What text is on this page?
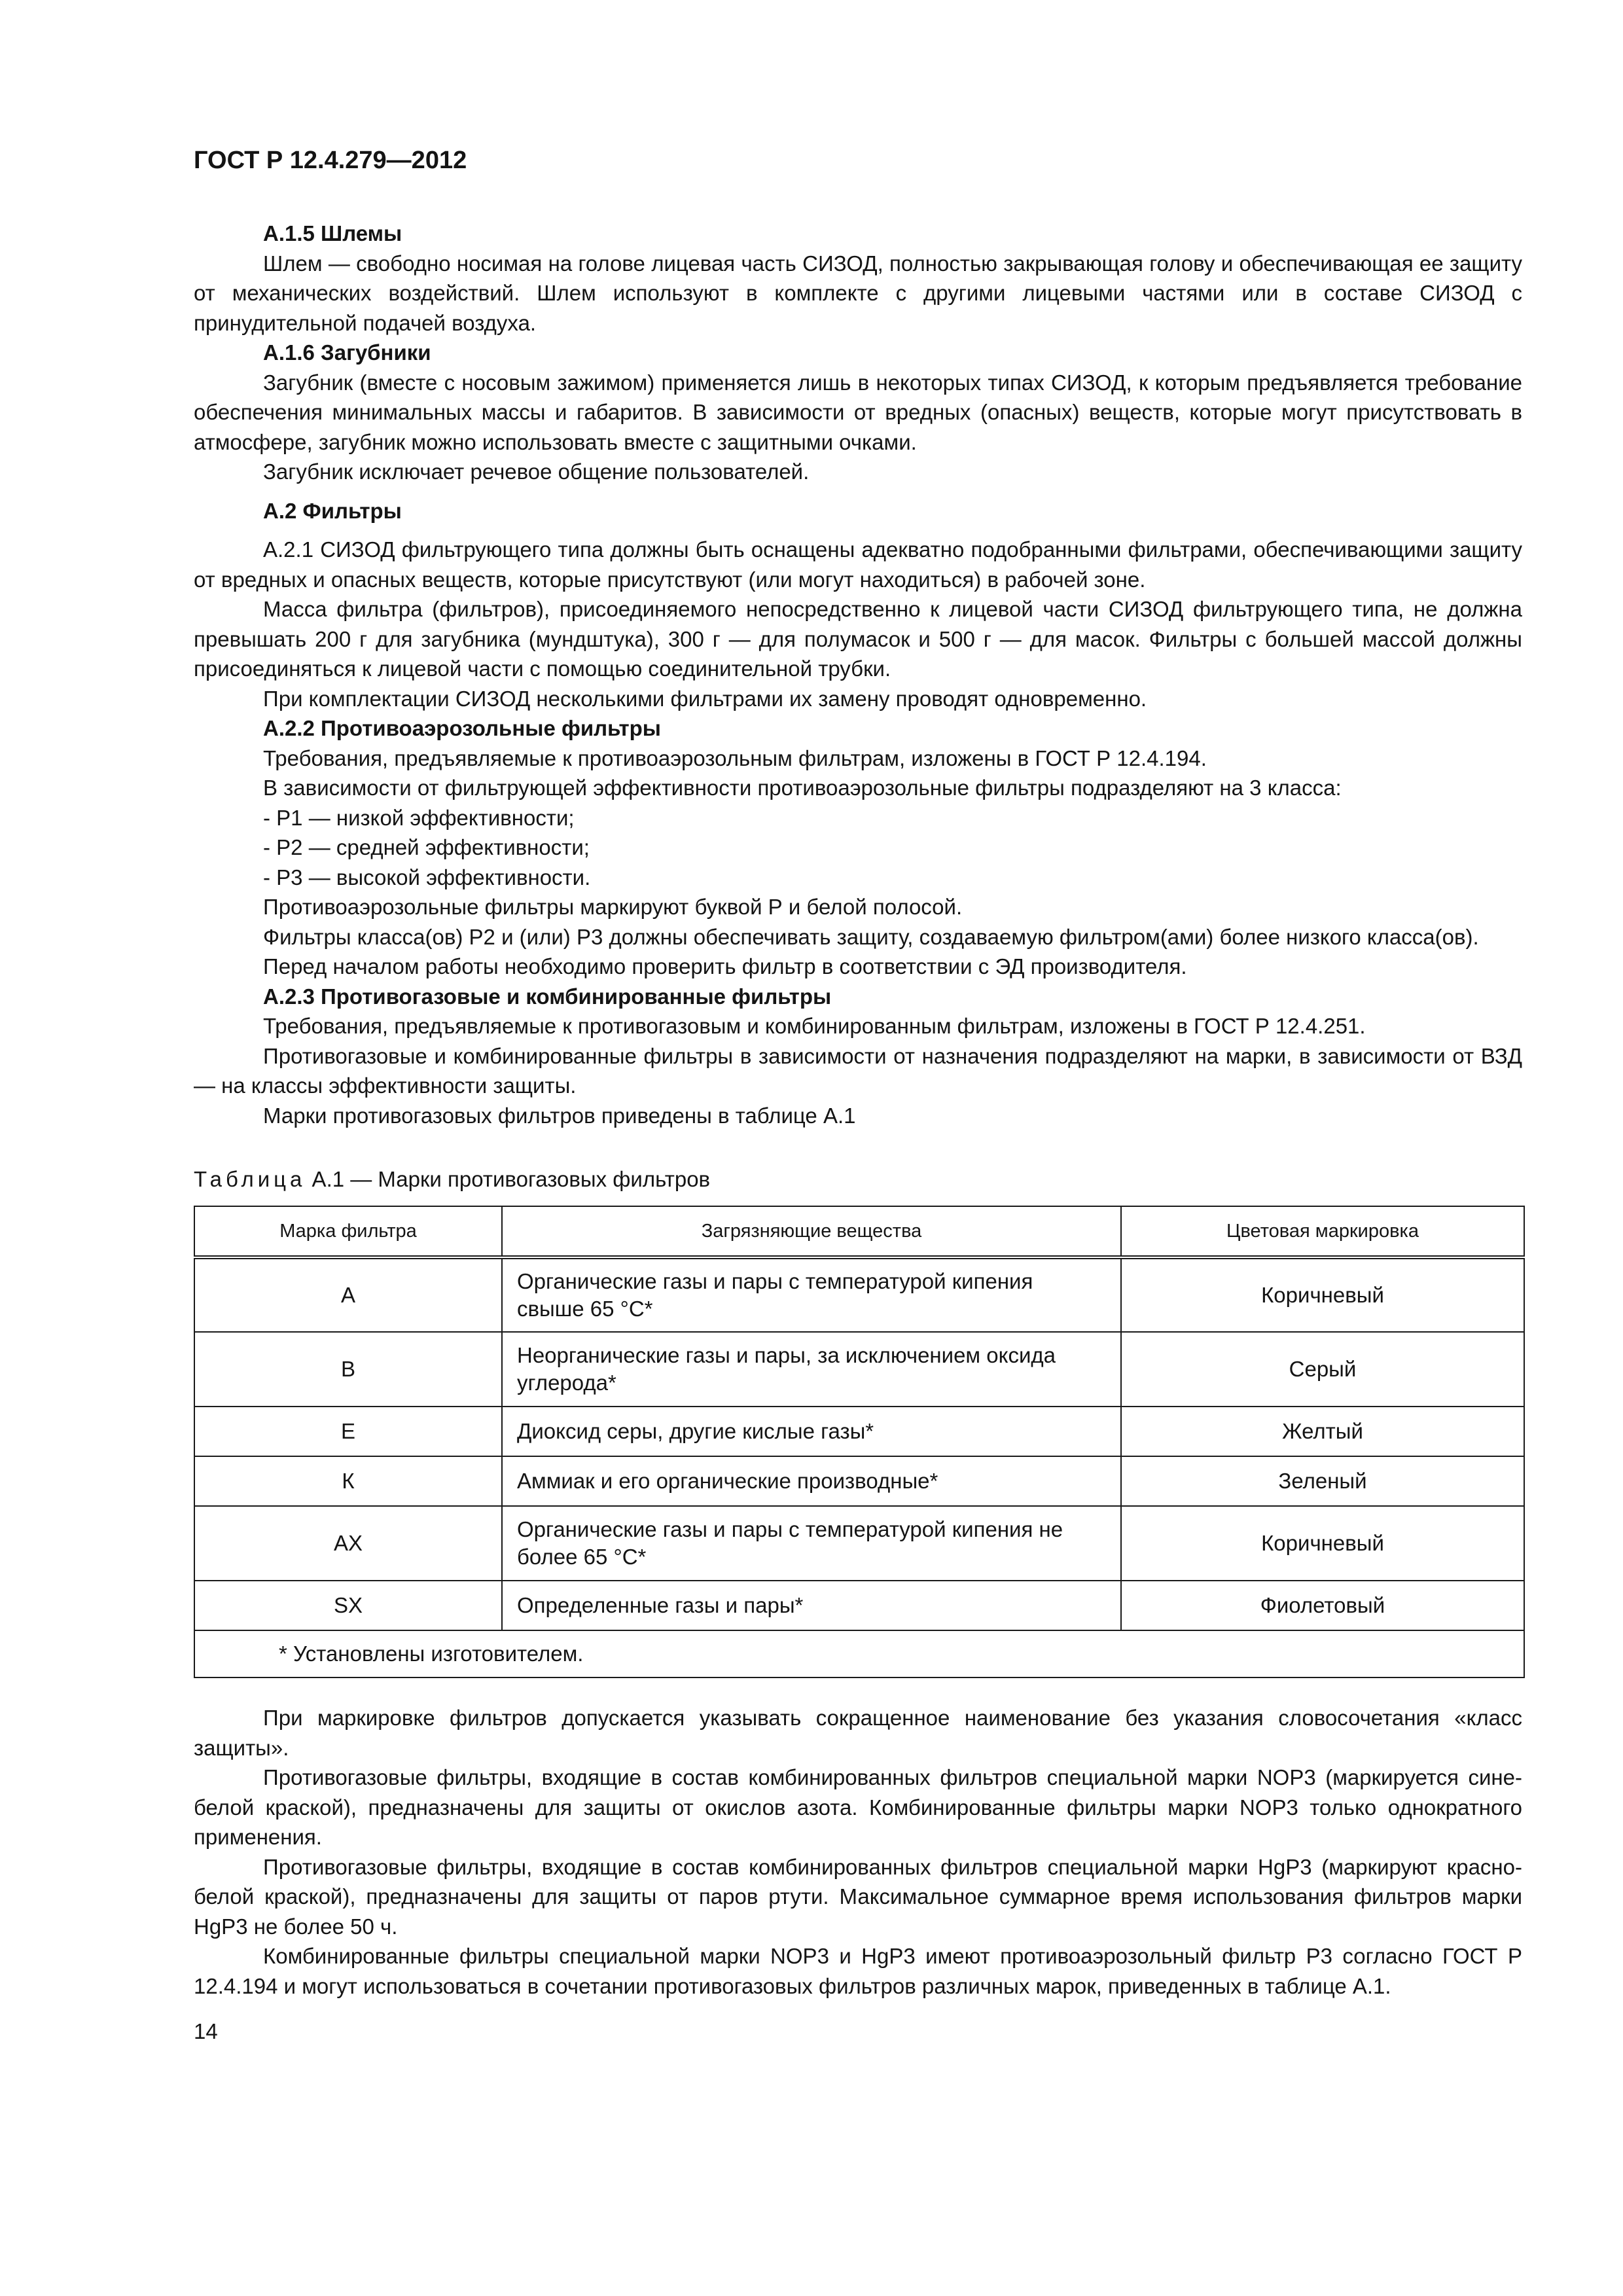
ГОСТ Р 12.4.279—2012

А.1.5 Шлемы

Шлем — свободно носимая на голове лицевая часть СИЗОД, полностью закрывающая голову и обеспечивающая ее защиту от механических воздействий. Шлем используют в комплекте с другими лицевыми частями или в составе СИЗОД с принудительной подачей воздуха.

А.1.6 Загубники

Загубник (вместе с носовым зажимом) применяется лишь в некоторых типах СИЗОД, к которым предъявляется требование обеспечения минимальных массы и габаритов. В зависимости от вредных (опасных) веществ, которые могут присутствовать в атмосфере, загубник можно использовать вместе с защитными очками.

Загубник исключает речевое общение пользователей.

А.2 Фильтры

А.2.1 СИЗОД фильтрующего типа должны быть оснащены адекватно подобранными фильтрами, обеспечивающими защиту от вредных и опасных веществ, которые присутствуют (или могут находиться) в рабочей зоне.

Масса фильтра (фильтров), присоединяемого непосредственно к лицевой части СИЗОД фильтрующего типа, не должна превышать 200 г для загубника (мундштука), 300 г — для полумасок и 500 г — для масок. Фильтры с большей массой должны присоединяться к лицевой части с помощью соединительной трубки.

При комплектации СИЗОД несколькими фильтрами их замену проводят одновременно.

А.2.2 Противоаэрозольные фильтры

Требования, предъявляемые к противоаэрозольным фильтрам, изложены в ГОСТ Р 12.4.194.

В зависимости от фильтрующей эффективности противоаэрозольные фильтры подразделяют на 3 класса:

- Р1 — низкой эффективности;

- Р2 — средней эффективности;

- Р3 — высокой эффективности.

Противоаэрозольные фильтры маркируют буквой Р и белой полосой.

Фильтры класса(ов) Р2 и (или) Р3 должны обеспечивать защиту, создаваемую фильтром(ами) более низкого класса(ов).

Перед началом работы необходимо проверить фильтр в соответствии с ЭД производителя.

А.2.3 Противогазовые и комбинированные фильтры

Требования, предъявляемые к противогазовым и комбинированным фильтрам, изложены в ГОСТ Р 12.4.251.

Противогазовые и комбинированные фильтры в зависимости от назначения подразделяют на марки, в зависимости от ВЗД — на классы эффективности защиты.

Марки противогазовых фильтров приведены в таблице А.1

Таблица А.1 — Марки противогазовых фильтров
Марка фильтра	Загрязняющие вещества	Цветовая маркировка
А	Органические газы и пары с температурой кипения свыше 65 °С*	Коричневый
В	Неорганические газы и пары, за исключением оксида углерода*	Серый
Е	Диоксид серы, другие кислые газы*	Желтый
К	Аммиак и его органические производные*	Зеленый
АХ	Органические газы и пары с температурой кипения не более 65 °С*	Коричневый
SX	Определенные газы и пары*	Фиолетовый
* Установлены изготовителем.		

При маркировке фильтров допускается указывать сокращенное наименование без указания словосочетания «класс защиты».

Противогазовые фильтры, входящие в состав комбинированных фильтров специальной марки NOP3 (маркируется сине-белой краской), предназначены для защиты от окислов азота. Комбинированные фильтры марки NOP3 только однократного применения.

Противогазовые фильтры, входящие в состав комбинированных фильтров специальной марки HgP3 (маркируют красно-белой краской), предназначены для защиты от паров ртути. Максимальное суммарное время использования фильтров марки HgP3 не более 50 ч.

Комбинированные фильтры специальной марки NOP3 и HgP3 имеют противоаэрозольный фильтр P3 согласно ГОСТ Р 12.4.194 и могут использоваться в сочетании противогазовых фильтров различных марок, приведенных в таблице А.1.

14
